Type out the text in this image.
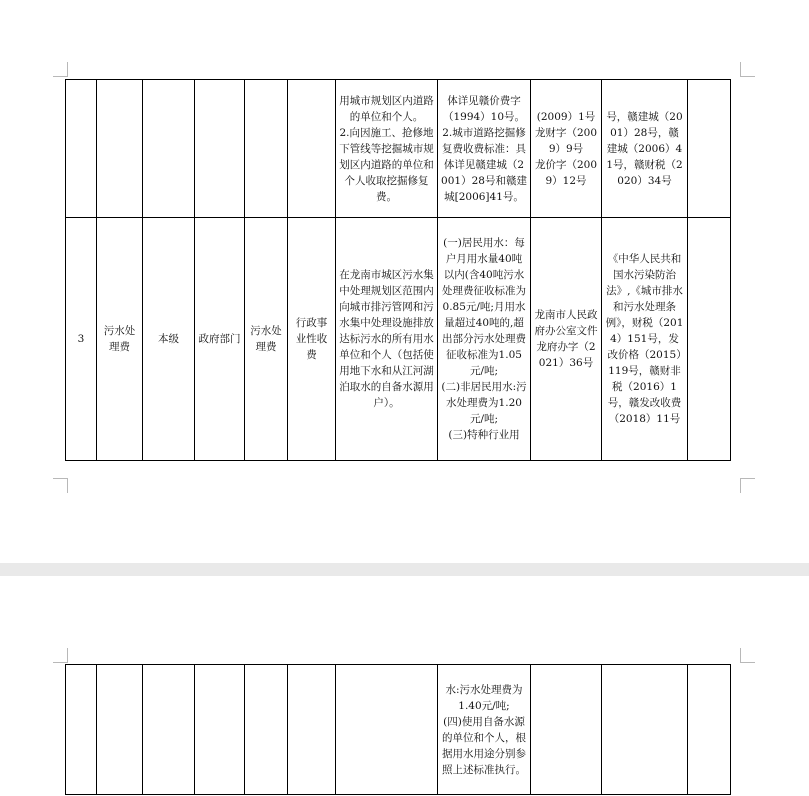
						用城市规划区内道路的单位和个人。
2.向因施工、抢修地下管线等挖掘城市规划区内道路的单位和个人收取挖掘修复费。	体详见赣价费字（1994）10号。
2.城市道路挖掘修复费收费标准：具体详见赣建城（2001）28号和赣建城[2006]41号。	(2009）1号
龙财字（2009）9号
龙价字（2009）12号	号，赣建城（2001）28号，赣建城（2006）41号，赣财税（2020）34号	
3	污水处理费	本级	政府部门	污水处理费	行政事业性收费	在龙南市城区污水集中处理规划区范围内向城市排污管网和污水集中处理设施排放达标污水的所有用水单位和个人（包括使用地下水和从江河湖泊取水的自备水源用户）。	(一)居民用水：每户月用水量40吨以内(含40吨污水处理费征收标准为0.85元/吨;月用水量超过40吨的,超出部分污水处理费征收标准为1.05元/吨;
(二)非居民用水:污水处理费为1.20元/吨;
(三)特种行业用	龙南市人民政府办公室文件
龙府办字（2021）36号	《中华人民共和国水污染防治法》,《城市排水和污水处理条例》，财税（2014）151号，发改价格（2015）119号，赣财非税（2016）1号，赣发改收费（2018）11号	
							水:污水处理费为1.40元/吨;
(四)使用自备水源的单位和个人，根据用水用途分别参照上述标准执行。			
